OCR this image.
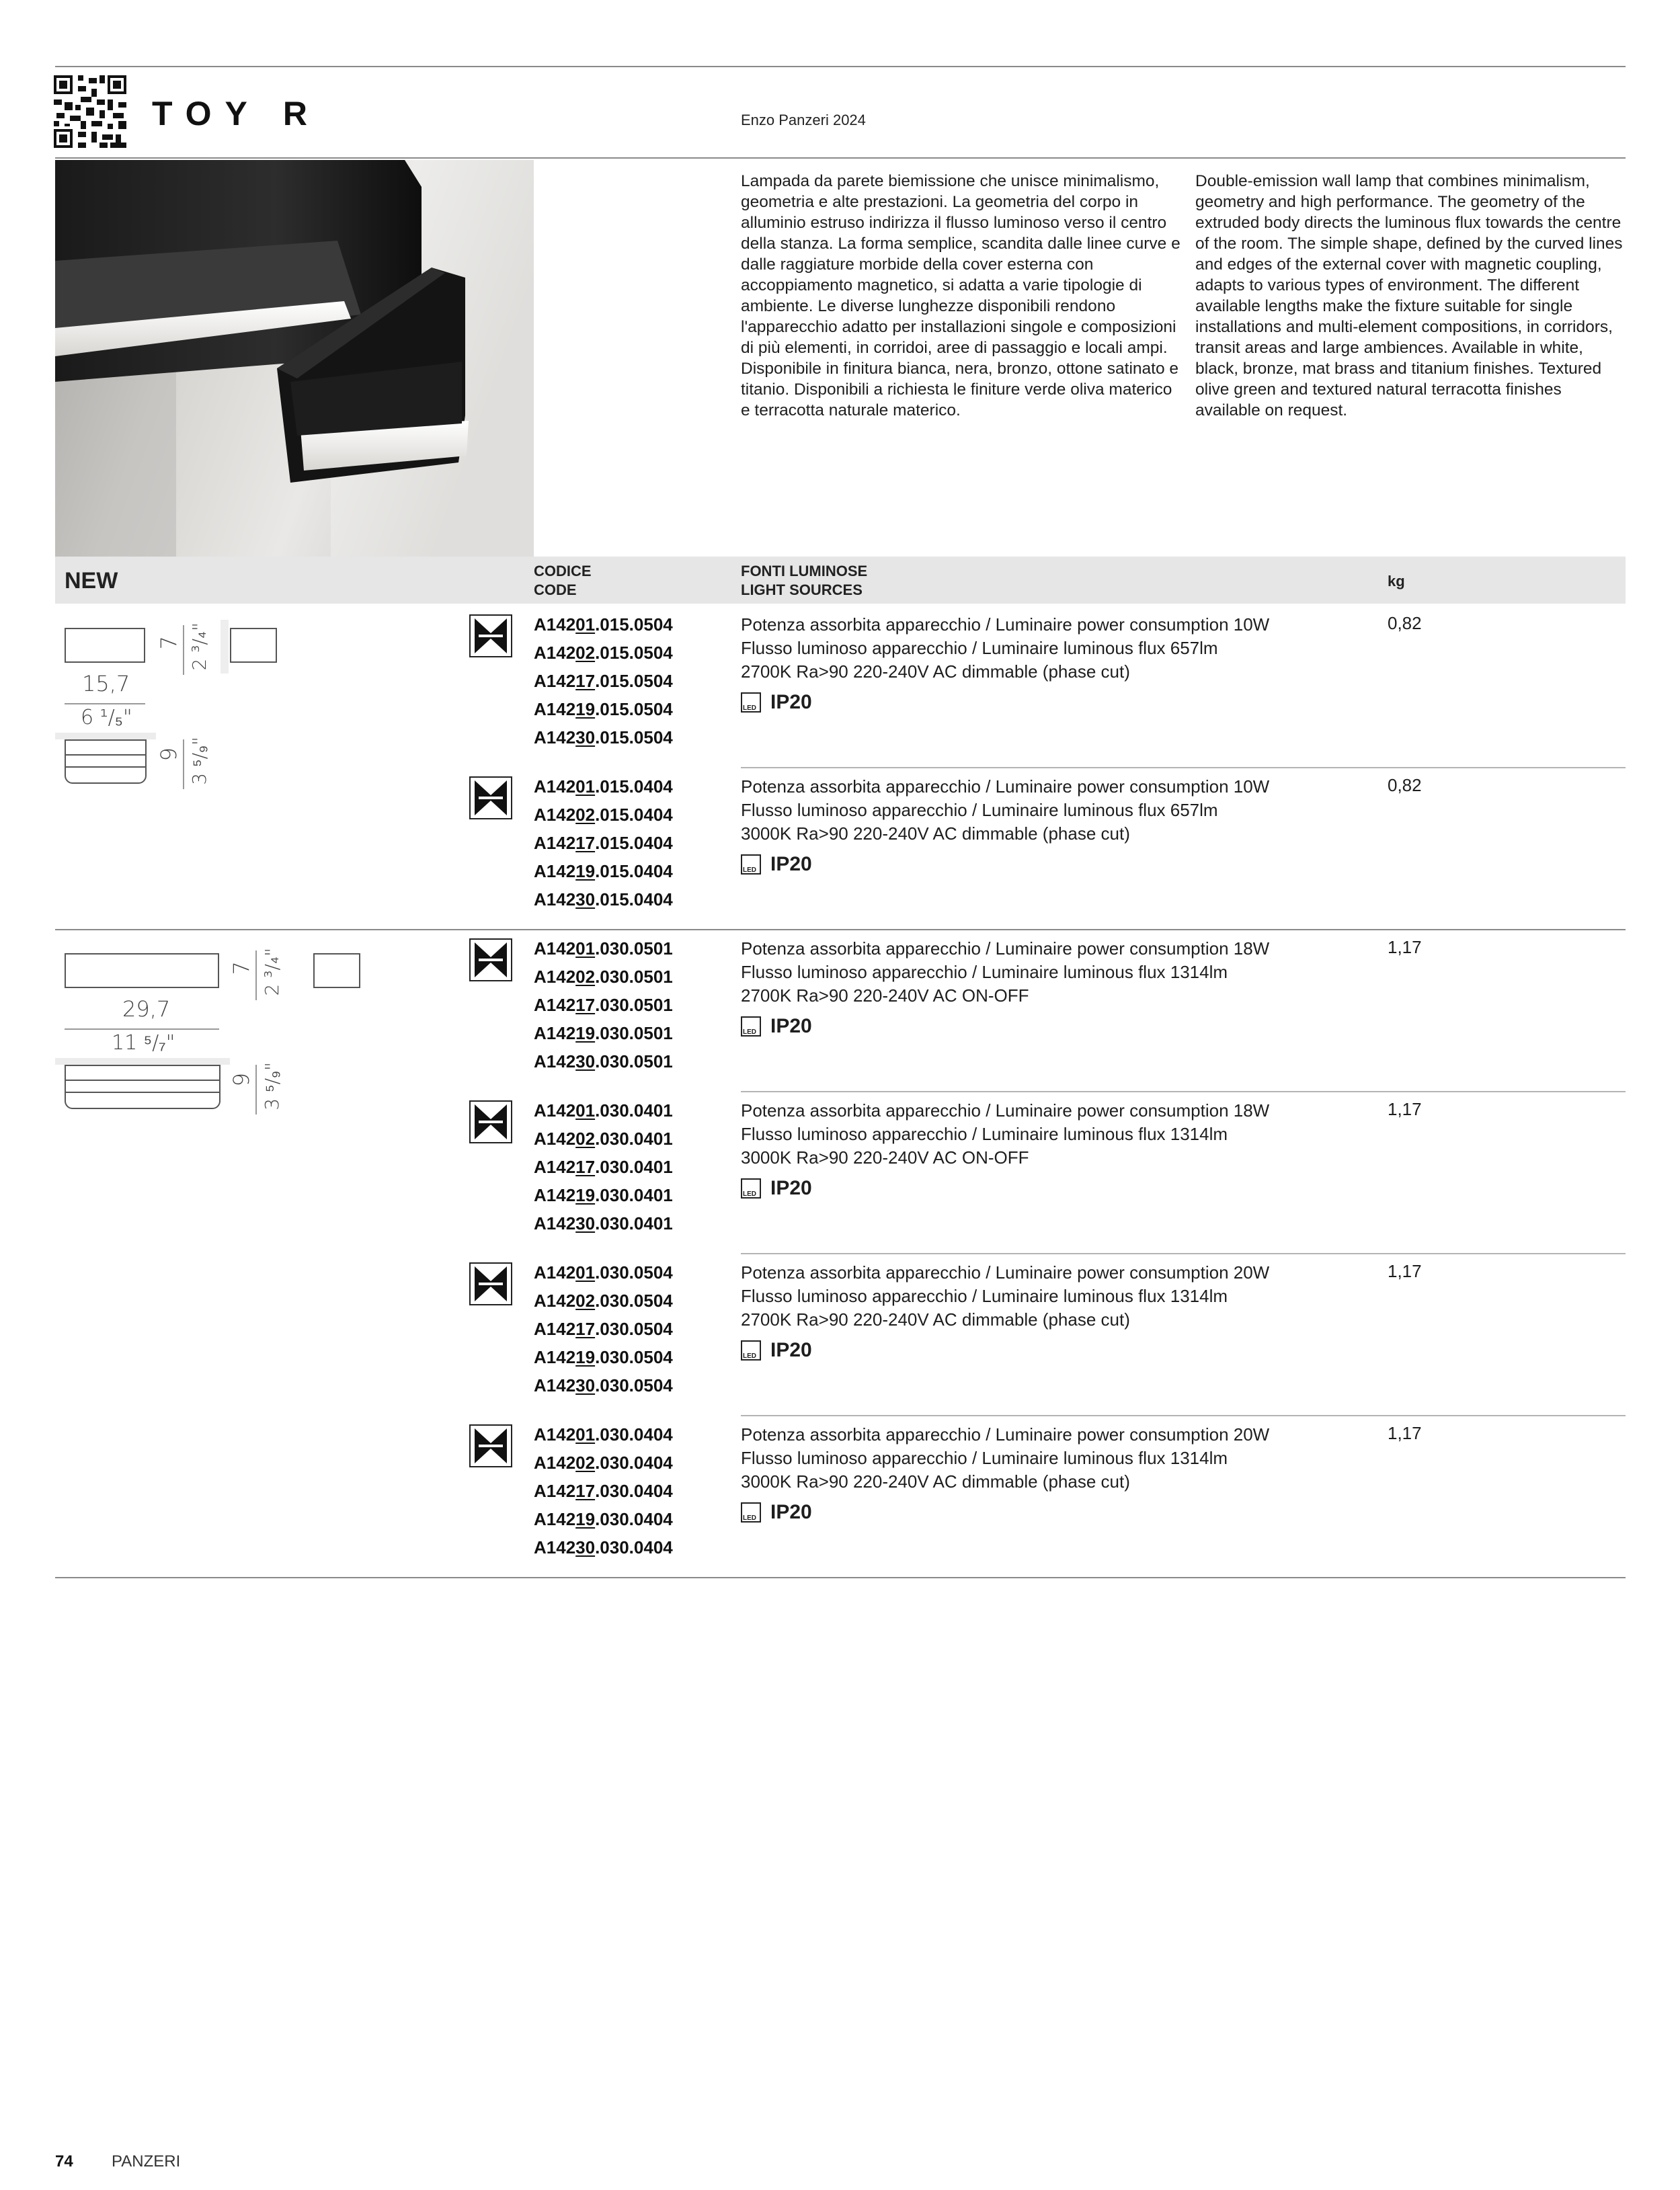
TOY R	Enzo Panzeri 2024
Lampada da parete biemissione che unisce minimalismo, geometria e alte prestazioni. La geometria del corpo in alluminio estruso indirizza il flusso luminoso verso il centro della stanza. La forma semplice, scandita dalle linee curve e dalle raggiature morbide della cover esterna con accoppiamento magnetico, si adatta a varie tipologie di ambiente. Le diverse lunghezze disponibili rendono l'apparecchio adatto per installazioni singole e composizioni di più elementi, in corridoi, aree di passaggio e locali ampi. Disponibile in finitura bianca, nera, bronzo, ottone satinato e titanio. Disponibili a richiesta le finiture verde oliva materico e terracotta naturale materico.
Double-emission wall lamp that combines minimalism, geometry and high performance. The geometry of the extruded body directs the luminous flux towards the centre of the room. The simple shape, defined by the curved lines and edges of the external cover with magnetic coupling, adapts to various types of environment. The different available lengths make the fixture suitable for single installations and multi-element compositions, in corridors, transit areas and large ambiences. Available in white, black, bronze, mat brass and titanium finishes. Textured olive green and textured natural terracotta finishes available on request.
NEW	CODICE
CODE
FONTI LUMINOSE
LIGHT SOURCES
kg
7 2 ³/₄"
15,7
6 ¹/₅"
9 3 ⁵/₉"
7 2 ³/₄"
29,7
11 ⁵/₇"
9 3 ⁵/₉"
A14201.015.0504
A14202.015.0504
A14217.015.0504
A14219.015.0504
A14230.015.0504
Potenza assorbita apparecchio / Luminaire power consumption 10W
Flusso luminoso apparecchio / Luminaire luminous flux 657lm
2700K Ra>90 220-240V AC dimmable (phase cut)
LED IP20
0,82
A14201.015.0404
A14202.015.0404
A14217.015.0404
A14219.015.0404
A14230.015.0404
Potenza assorbita apparecchio / Luminaire power consumption 10W
Flusso luminoso apparecchio / Luminaire luminous flux 657lm
3000K Ra>90 220-240V AC dimmable (phase cut)
LED IP20
0,82
A14201.030.0501
A14202.030.0501
A14217.030.0501
A14219.030.0501
A14230.030.0501
Potenza assorbita apparecchio / Luminaire power consumption 18W
Flusso luminoso apparecchio / Luminaire luminous flux 1314lm
2700K Ra>90 220-240V AC ON-OFF
LED IP20
1,17
A14201.030.0401
A14202.030.0401
A14217.030.0401
A14219.030.0401
A14230.030.0401
Potenza assorbita apparecchio / Luminaire power consumption 18W
Flusso luminoso apparecchio / Luminaire luminous flux 1314lm
3000K Ra>90 220-240V AC ON-OFF
LED IP20
1,17
A14201.030.0504
A14202.030.0504
A14217.030.0504
A14219.030.0504
A14230.030.0504
Potenza assorbita apparecchio / Luminaire power consumption 20W
Flusso luminoso apparecchio / Luminaire luminous flux 1314lm
2700K Ra>90 220-240V AC dimmable (phase cut)
LED IP20
1,17
A14201.030.0404
A14202.030.0404
A14217.030.0404
A14219.030.0404
A14230.030.0404
Potenza assorbita apparecchio / Luminaire power consumption 20W
Flusso luminoso apparecchio / Luminaire luminous flux 1314lm
3000K Ra>90 220-240V AC dimmable (phase cut)
LED IP20
1,17
74 PANZERI
